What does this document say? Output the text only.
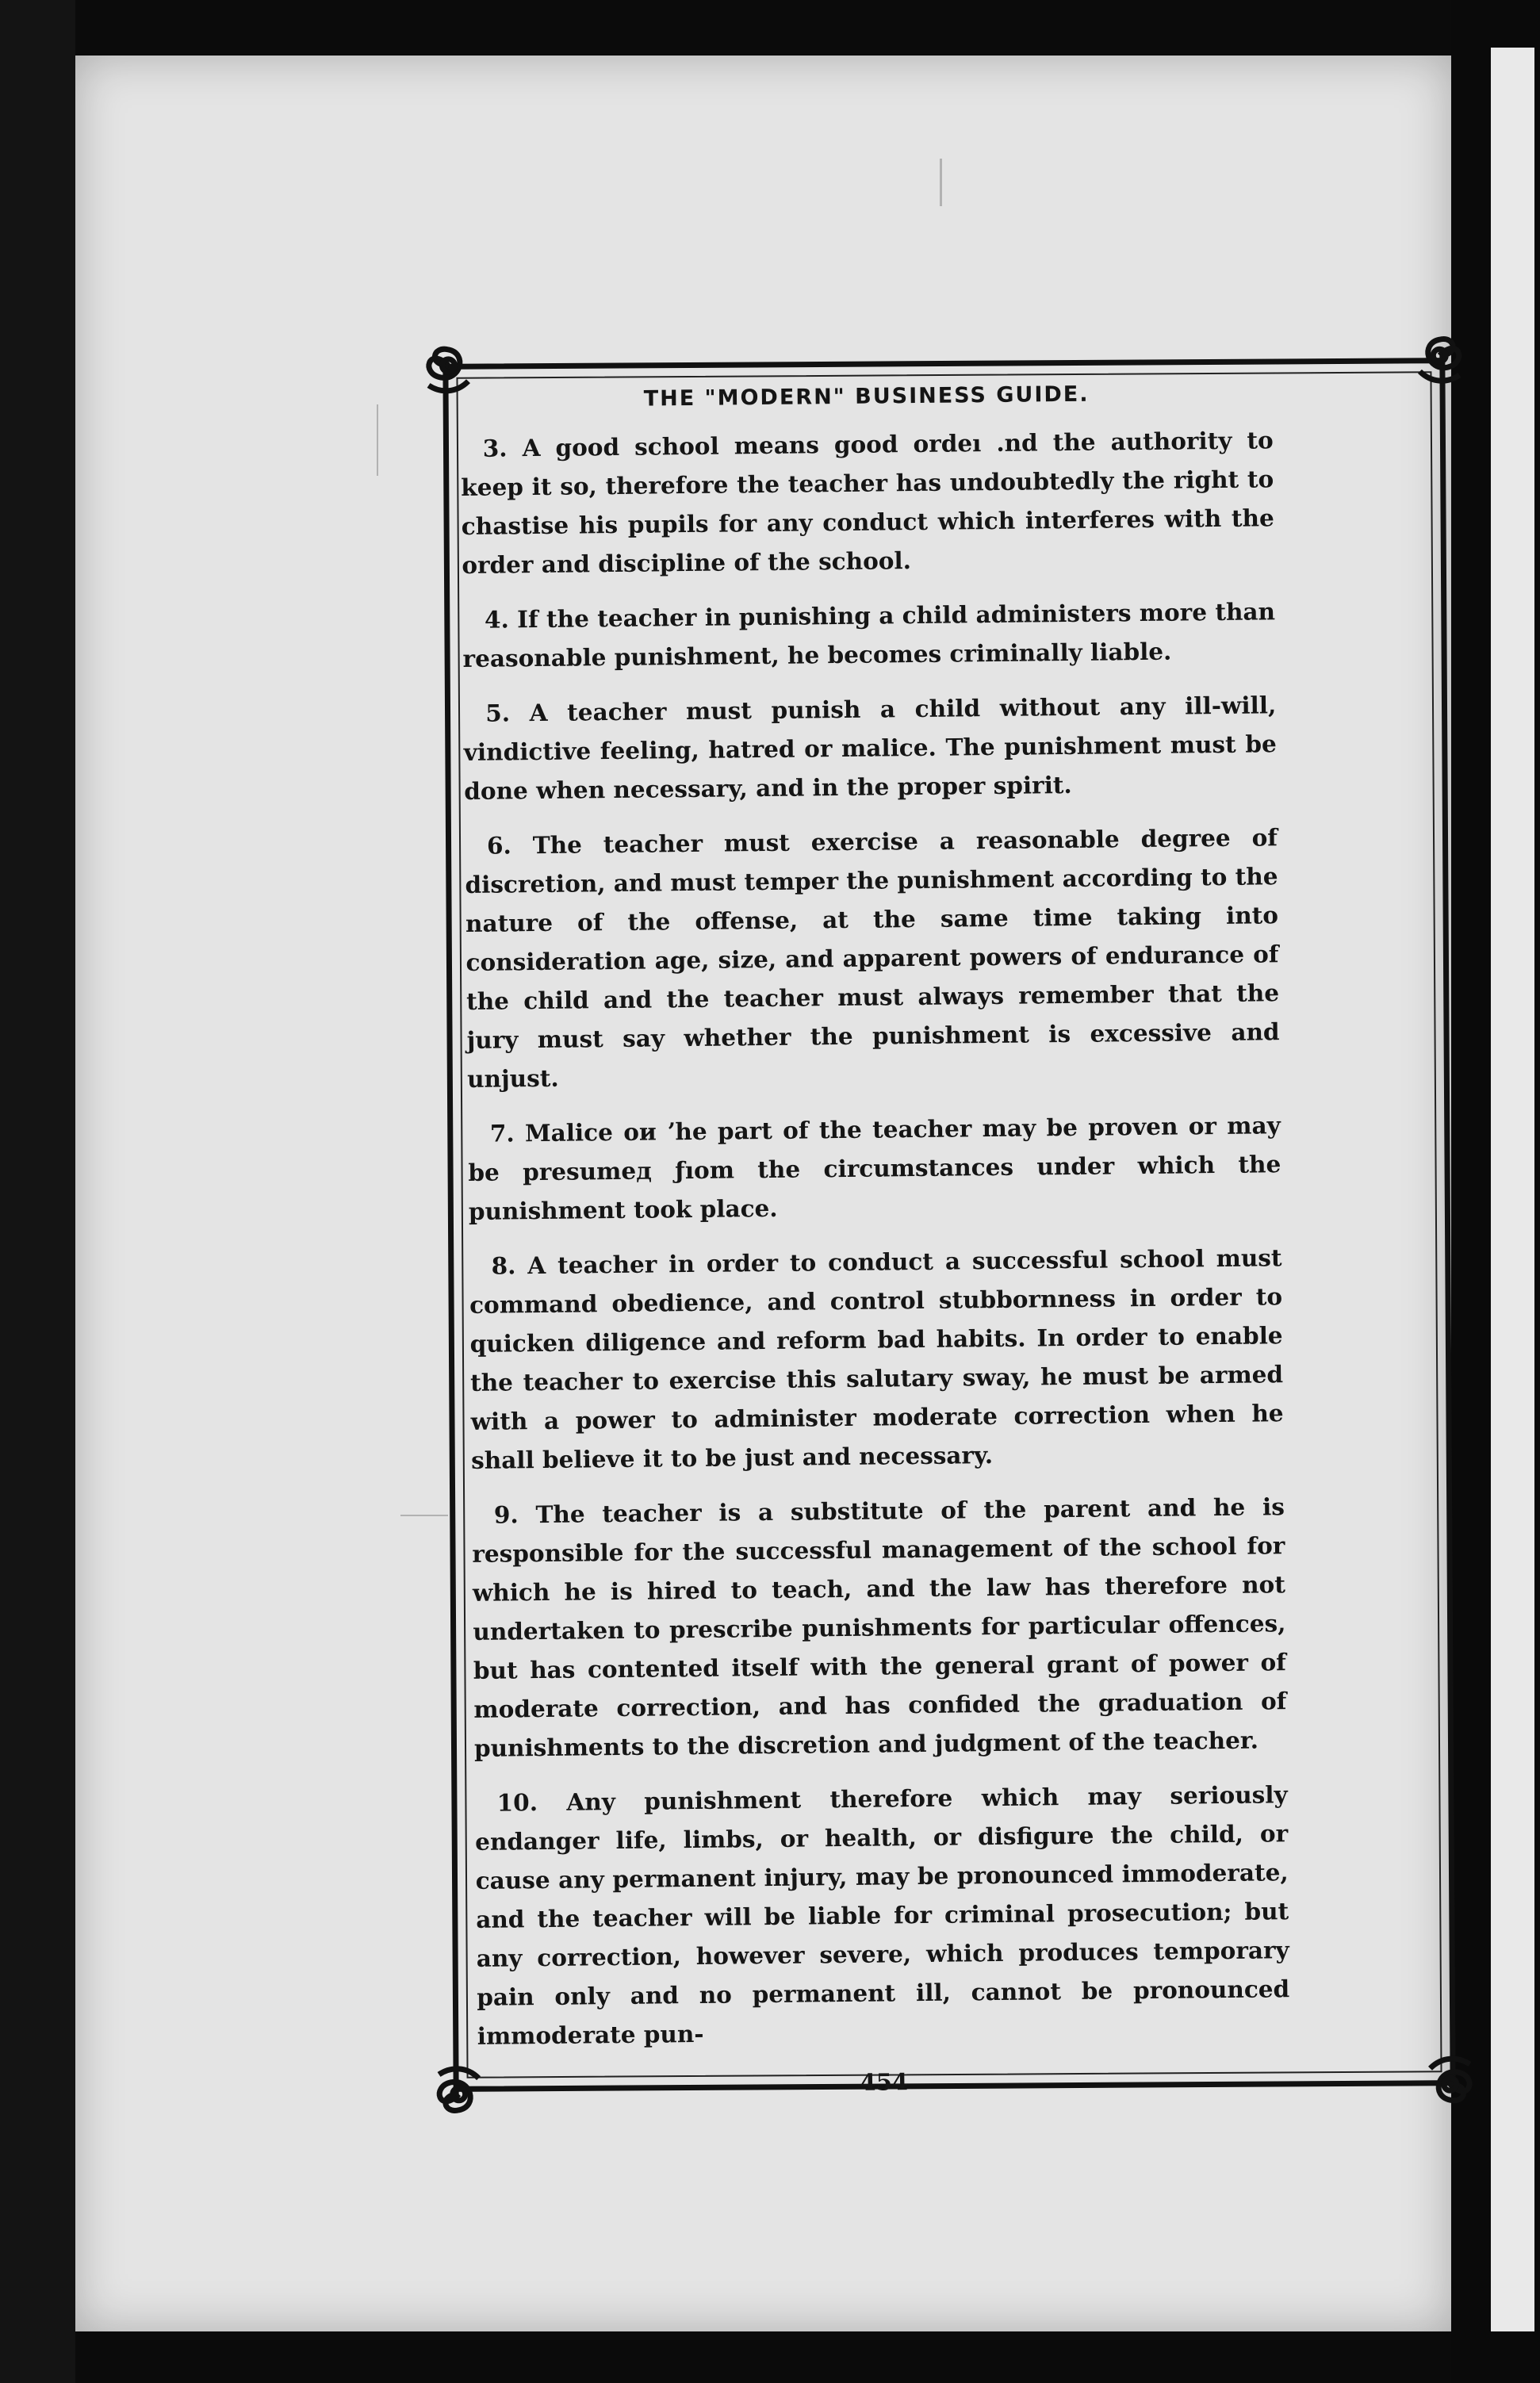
THE "MODERN" BUSINESS GUIDE.

3. A good school means good ordeı ․nd the authority to keep it so, therefore the teacher has undoubtedly the right to chastise his pupils for any conduct which interferes with the order and discipline of the school.

4. If the teacher in punishing a child administers more than reasonable punishment, he becomes criminally liable.

5. A teacher must punish a child without any ill-will, vindictive feeling, hatred or malice. The punishment must be done when necessary, and in the proper spirit.

6. The teacher must exercise a reasonable degree of discretion, and must temper the punishment according to the nature of the offense, at the same time taking into consideration age, size, and apparent powers of endurance of the child and the teacher must always remember that the jury must say whether the punishment is excessive and unjust.

7. Malicе ои ʼhe part of the teacher may be proven or may be presumeд ƒıom the circumstances under which the punishment took place.

8. A teacher in order to conduct a successful school must command obedience, and control stubbornness in order to quicken diligence and reform bad habits. In order to enable the teacher to exercise this salutary sway, he must be armed with a power to administer moderate correction when he shall believe it to be just and necessary.

9. The teacher is a substitute of the parent and he is responsible for the successful management of the school for which he is hired to teach, and the law has therefore not undertaken to prescribe punishments for particular offences, but has contented itself with the general grant of power of moderate correction, and has confided the graduation of punishments to the discretion and judgment of the teacher.

10. Any punishment therefore which may seriously endanger life, limbs, or health, or disfigure the child, or cause any permanent injury, may be pronounced immoderate, and the teacher will be liable for criminal prosecution; but any correction, however severe, which produces temporary pain only and no permanent ill, cannot be pronounced immoderate pun-

454
